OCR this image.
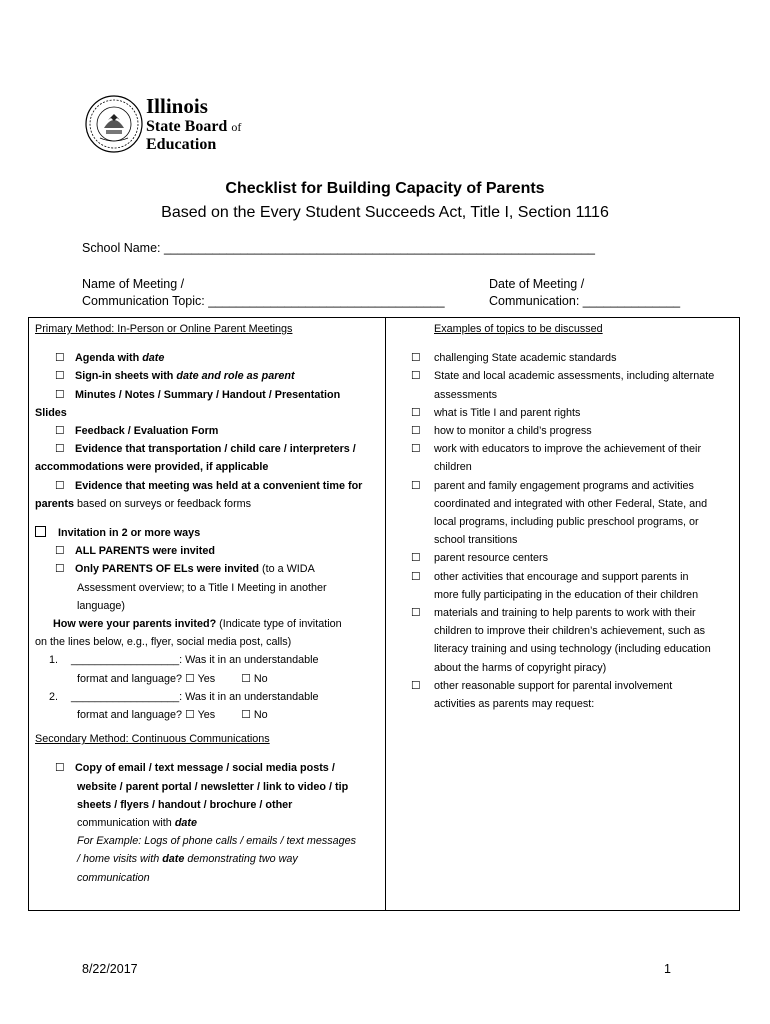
Illinois
State Board of
Education
Checklist for Building Capacity of Parents
Based on the Every Student Succeeds Act, Title I, Section 1116
School Name: ______________________________________________________________
Name of Meeting /
Communication Topic: __________________________________
Date of Meeting /
Communication: ______________
Primary Method: In-Person or Online Parent Meetings
☐ Agenda with date
☐ Sign-in sheets with date and role as parent
☐ Minutes / Notes / Summary / Handout / Presentation
Slides
☐ Feedback / Evaluation Form
☐ Evidence that transportation / child care / interpreters /
accommodations were provided, if applicable
☐ Evidence that meeting was held at a convenient time for
parents based on surveys or feedback forms
Invitation in 2 or more ways
☐ ALL PARENTS were invited
☐ Only PARENTS OF ELs were invited (to a WIDA
Assessment overview; to a Title I Meeting in another
language)
How were your parents invited? (Indicate type of invitation
on the lines below, e.g., flyer, social media post, calls)
1. __________________: Was it in an understandable
format and language? ☐ Yes ☐ No
2. __________________: Was it in an understandable
format and language? ☐ Yes ☐ No
Secondary Method: Continuous Communications
☐ Copy of email / text message / social media posts /
website / parent portal / newsletter / link to video / tip
sheets / flyers / handout / brochure / other
communication with date
For Example: Logs of phone calls / emails / text messages
/ home visits with date demonstrating two way
communication
Examples of topics to be discussed
☐ challenging State academic standards
☐ State and local academic assessments, including alternate
assessments
☐ what is Title I and parent rights
☐ how to monitor a child’s progress
☐ work with educators to improve the achievement of their
children
☐ parent and family engagement programs and activities
coordinated and integrated with other Federal, State, and
local programs, including public preschool programs, or
school transitions
☐ parent resource centers
☐ other activities that encourage and support parents in
more fully participating in the education of their children
☐ materials and training to help parents to work with their
children to improve their children’s achievement, such as
literacy training and using technology (including education
about the harms of copyright piracy)
☐ other reasonable support for parental involvement
activities as parents may request:
8/22/2017	1
